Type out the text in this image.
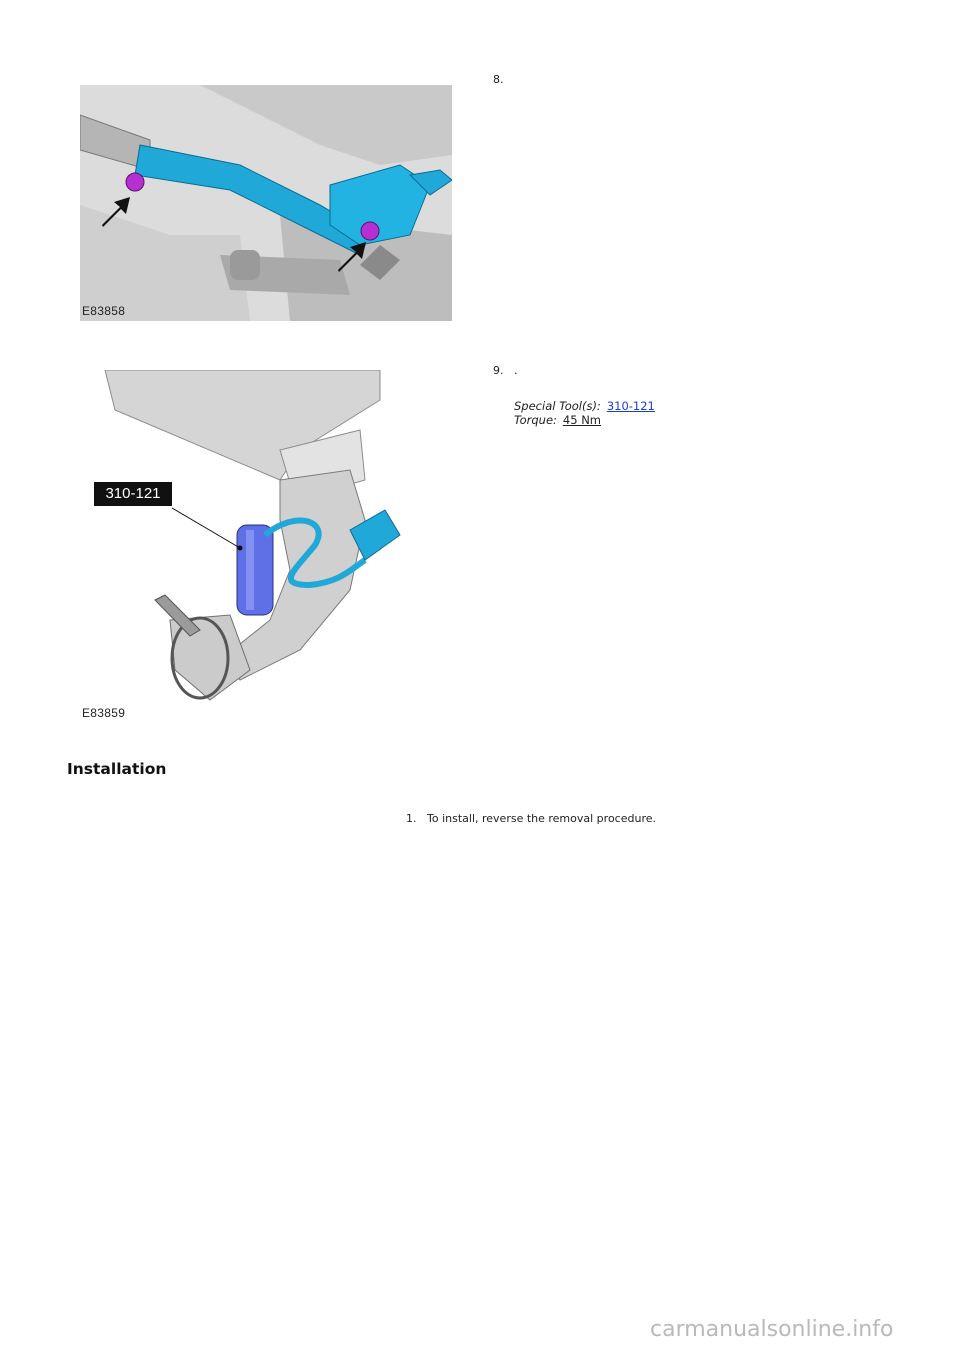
E83858
310-121
E83859
8.
9. .
Special Tool(s): 310-121
Torque: 45 Nm
Installation
1. To install, reverse the removal procedure.
carmanualsonline.info
